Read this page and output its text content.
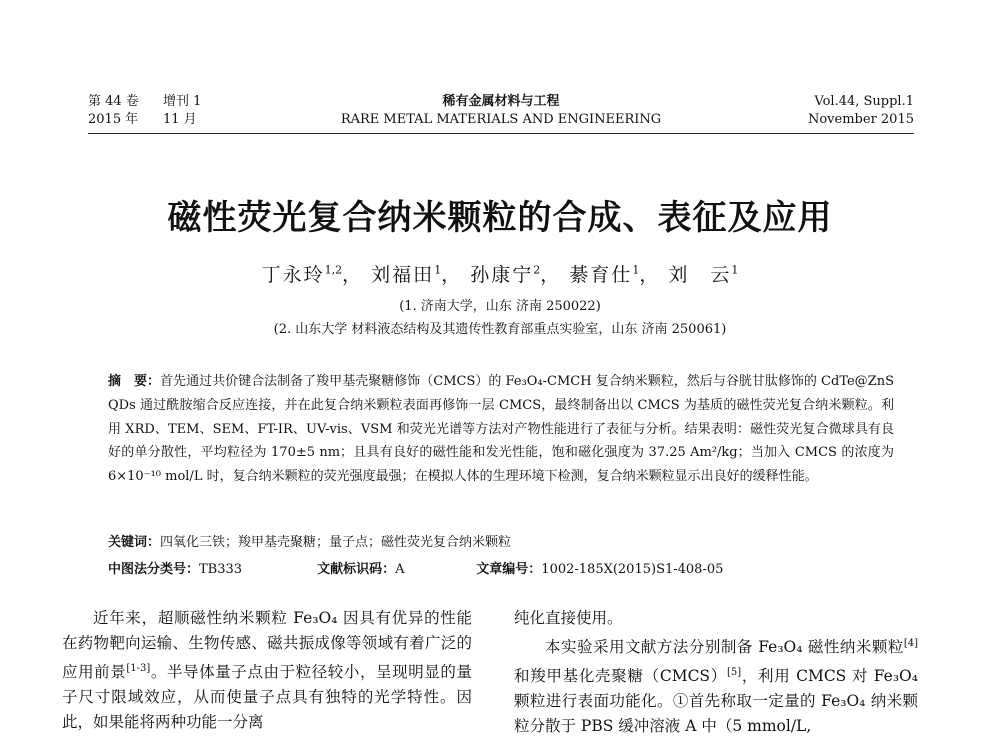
第 44 卷 增刊 1
2015 年 11 月
稀有金属材料与工程
RARE METAL MATERIALS AND ENGINEERING
Vol.44, Suppl.1
November 2015
磁性荧光复合纳米颗粒的合成、表征及应用
丁永玲$^{1,2}$， 刘福田$^1$， 孙康宁$^2$， 綦育仕$^1$， 刘　云$^1$
(1. 济南大学，山东 济南 250022)
(2. 山东大学 材料液态结构及其遗传性教育部重点实验室，山东 济南 250061)
摘　要：首先通过共价键合法制备了羧甲基壳聚糖修饰（CMCS）的 Fe₃O₄-CMCH 复合纳米颗粒，然后与谷胱甘肽修饰的 CdTe@ZnS QDs 通过酰胺缩合反应连接，并在此复合纳米颗粒表面再修饰一层 CMCS，最终制备出以 CMCS 为基质的磁性荧光复合纳米颗粒。利用 XRD、TEM、SEM、FT-IR、UV-vis、VSM 和荧光光谱等方法对产物性能进行了表征与分析。结果表明：磁性荧光复合微球具有良好的单分散性，平均粒径为 170±5 nm；且具有良好的磁性能和发光性能，饱和磁化强度为 37.25 Am²/kg；当加入 CMCS 的浓度为 6×10⁻¹⁰ mol/L 时，复合纳米颗粒的荧光强度最强；在模拟人体的生理环境下检测，复合纳米颗粒显示出良好的缓释性能。
关键词：四氧化三铁；羧甲基壳聚糖；量子点；磁性荧光复合纳米颗粒
中图法分类号：TB333	文献标识码：A	文章编号：1002-185X(2015)S1-408-05

近年来，超顺磁性纳米颗粒 Fe₃O₄ 因具有优异的性能在药物靶向运输、生物传感、磁共振成像等领域有着广泛的应用前景[1-3]。半导体量子点由于粒径较小，呈现明显的量子尺寸限域效应，从而使量子点具有独特的光学特性。因此，如果能将两种功能一分离

纯化直接使用。

本实验采用文献方法分别制备 Fe₃O₄ 磁性纳米颗粒[4]和羧甲基化壳聚糖（CMCS）[5]，利用 CMCS 对 Fe₃O₄ 颗粒进行表面功能化。①首先称取一定量的 Fe₃O₄ 纳米颗粒分散于 PBS 缓冲溶液 A 中（5 mmol/L,
